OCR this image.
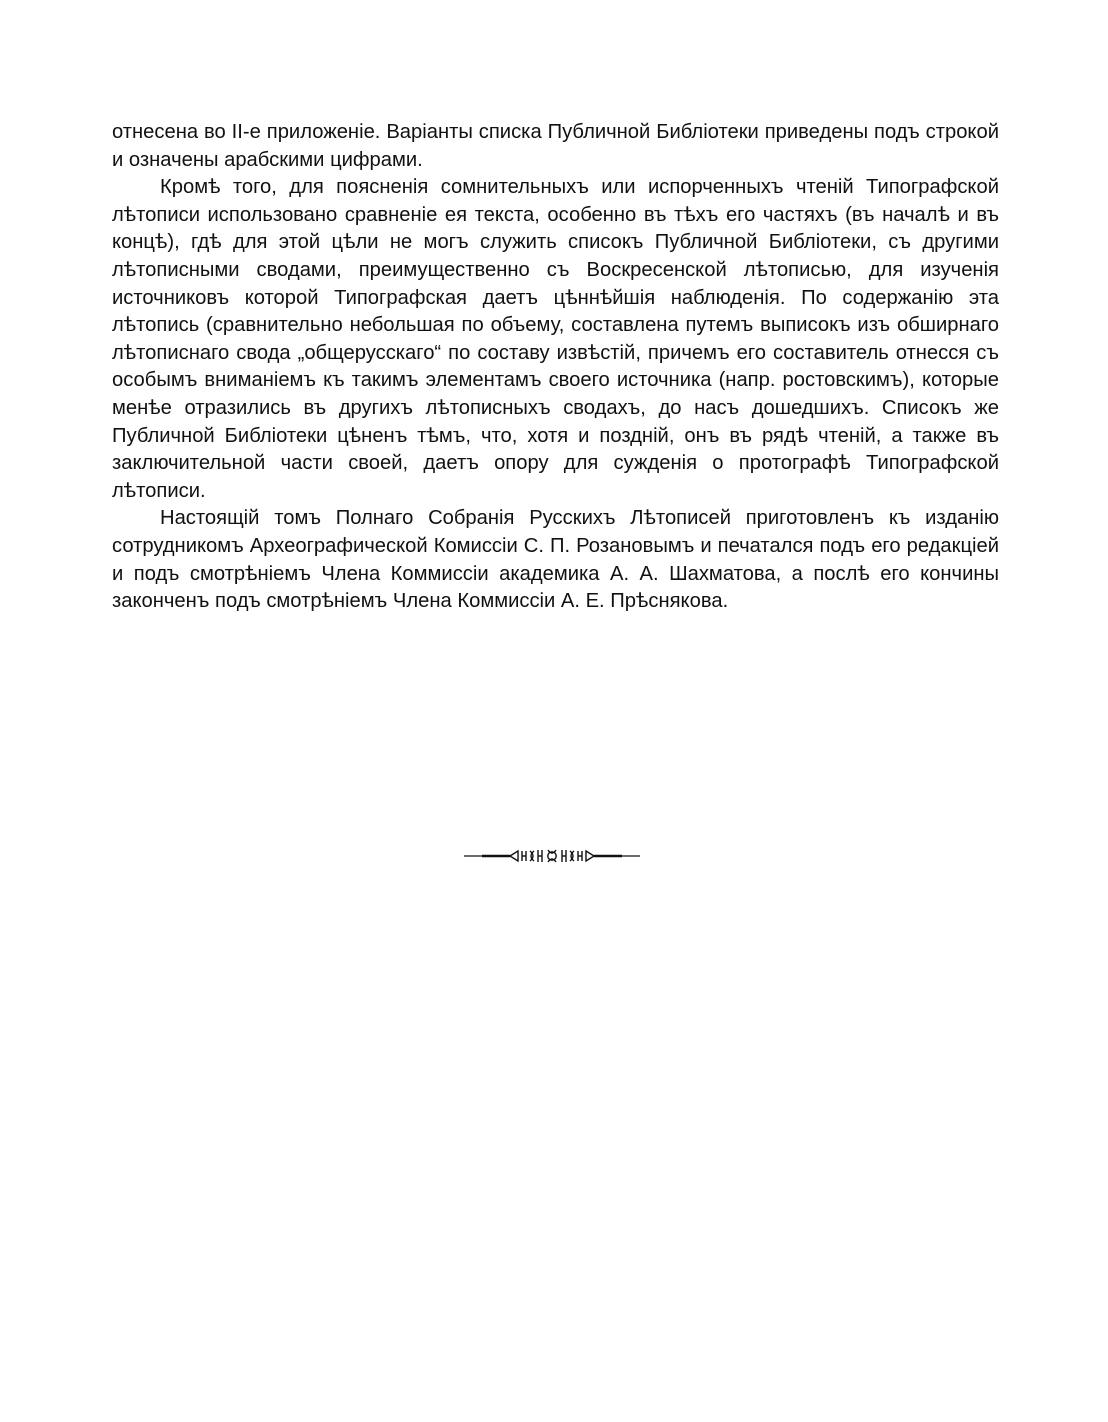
отнесена во II-е приложеніе. Варіанты списка Публичной Библіотеки приведены подъ строкой и означены арабскими цифрами.

Кромѣ того, для поясненія сомнительныхъ или испорченныхъ чтеній Типографской лѣтописи использовано сравненіе ея текста, особенно въ тѣхъ его частяхъ (въ началѣ и въ концѣ), гдѣ для этой цѣли не могъ служить списокъ Публичной Библіотеки, съ другими лѣтописными сводами, преимущественно съ Воскресенской лѣтописью, для изученія источниковъ которой Типографская даетъ цѣннѣйшія наблюденія. По содержанію эта лѣтопись (сравнительно небольшая по объему, составлена путемъ выписокъ изъ обширнаго лѣтописнаго свода „общерусскаго“ по составу извѣстій, причемъ его составитель отнесся съ особымъ вниманіемъ къ такимъ элементамъ своего источника (напр. ростовскимъ), которые менѣе отразились въ другихъ лѣтописныхъ сводахъ, до насъ дошедшихъ. Списокъ же Публичной Библіотеки цѣненъ тѣмъ, что, хотя и поздній, онъ въ рядѣ чтеній, а также въ заключительной части своей, даетъ опору для сужденія о протографѣ Типографской лѣтописи.

Настоящій томъ Полнаго Собранія Русскихъ Лѣтописей приготовленъ къ изданію сотрудникомъ Археографической Комиссіи С. П. Розановымъ и печатался подъ его редакціей и подъ смотрѣніемъ Члена Коммиссіи академика А. А. Шахматова, а послѣ его кончины законченъ подъ смотрѣніемъ Члена Коммиссіи А. Е. Прѣснякова.
